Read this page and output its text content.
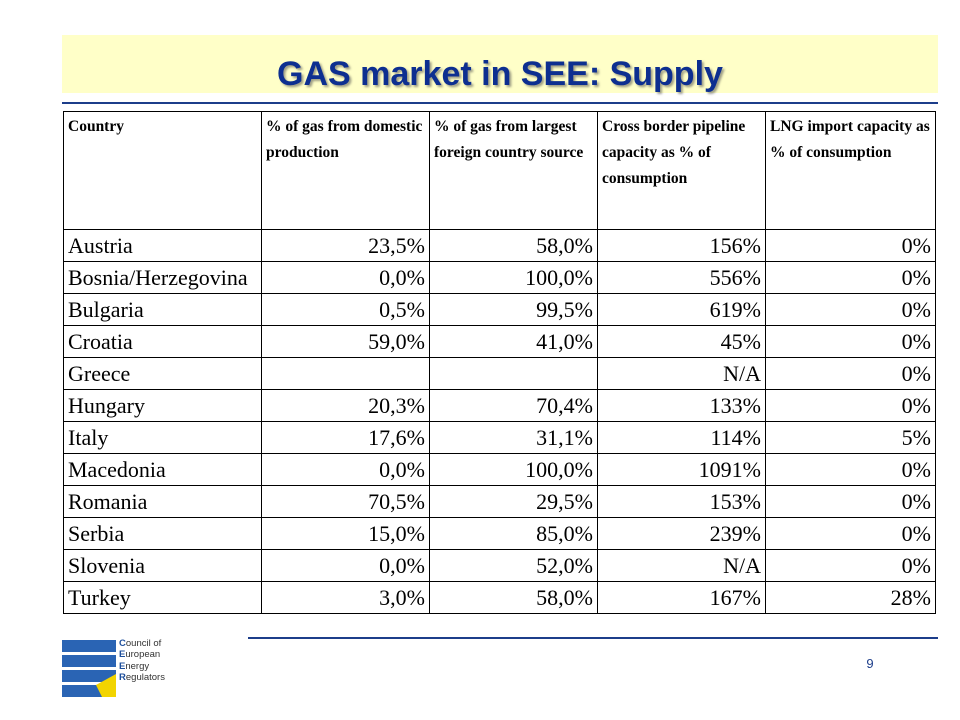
GAS market in SEE: Supply
Country	% of gas from domestic production	% of gas from largest foreign country source	Cross border pipeline capacity as % of consumption	LNG import capacity as % of consumption
Austria	23,5%	58,0%	156%	0%
Bosnia/Herzegovina	0,0%	100,0%	556%	0%
Bulgaria	0,5%	99,5%	619%	0%
Croatia	59,0%	41,0%	45%	0%
Greece			N/A	0%
Hungary	20,3%	70,4%	133%	0%
Italy	17,6%	31,1%	114%	5%
Macedonia	0,0%	100,0%	1091%	0%
Romania	70,5%	29,5%	153%	0%
Serbia	15,0%	85,0%	239%	0%
Slovenia	0,0%	52,0%	N/A	0%
Turkey	3,0%	58,0%	167%	28%
Council of
European
Energy
Regulators
9
